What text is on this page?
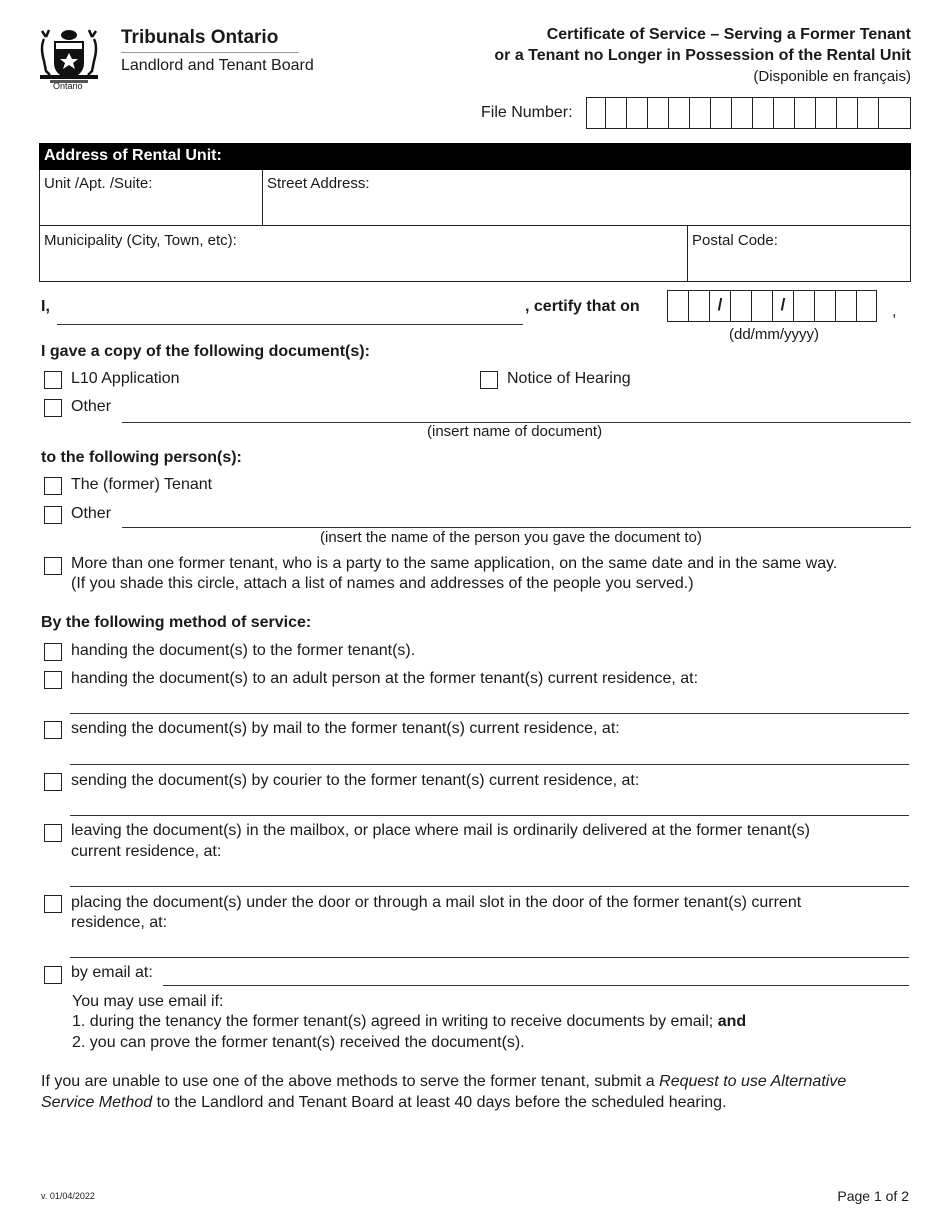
Ontario
Tribunals Ontario
Landlord and Tenant Board
Certificate of Service – Serving a Former Tenant
or a Tenant no Longer in Possession of the Rental Unit
(Disponible en français)
File Number:
Address of Rental Unit:
Unit /Apt. /Suite:	Street Address:
Municipality (City, Town, etc):	Postal Code:
I,	, certify that on	/	/	,
(dd/mm/yyyy)
I gave a copy of the following document(s):
L10 Application	Notice of Hearing
Other
(insert name of document)
to the following person(s):
The (former) Tenant
Other
(insert the name of the person you gave the document to)
More than one former tenant, who is a party to the same application, on the same date and in the same way.
(If you shade this circle, attach a list of names and addresses of the people you served.)
By the following method of service:
handing the document(s) to the former tenant(s).
handing the document(s) to an adult person at the former tenant(s) current residence, at:
sending the document(s) by mail to the former tenant(s) current residence, at:
sending the document(s) by courier to the former tenant(s) current residence, at:
leaving the document(s) in the mailbox, or place where mail is ordinarily delivered at the former tenant(s)
current residence, at:
placing the document(s) under the door or through a mail slot in the door of the former tenant(s) current
residence, at:
by email at:
You may use email if:
1. during the tenancy the former tenant(s) agreed in writing to receive documents by email; and
2. you can prove the former tenant(s) received the document(s).
If you are unable to use one of the above methods to serve the former tenant, submit a Request to use Alternative
Service Method to the Landlord and Tenant Board at least 40 days before the scheduled hearing.
v. 01/04/2022	Page 1 of 2
